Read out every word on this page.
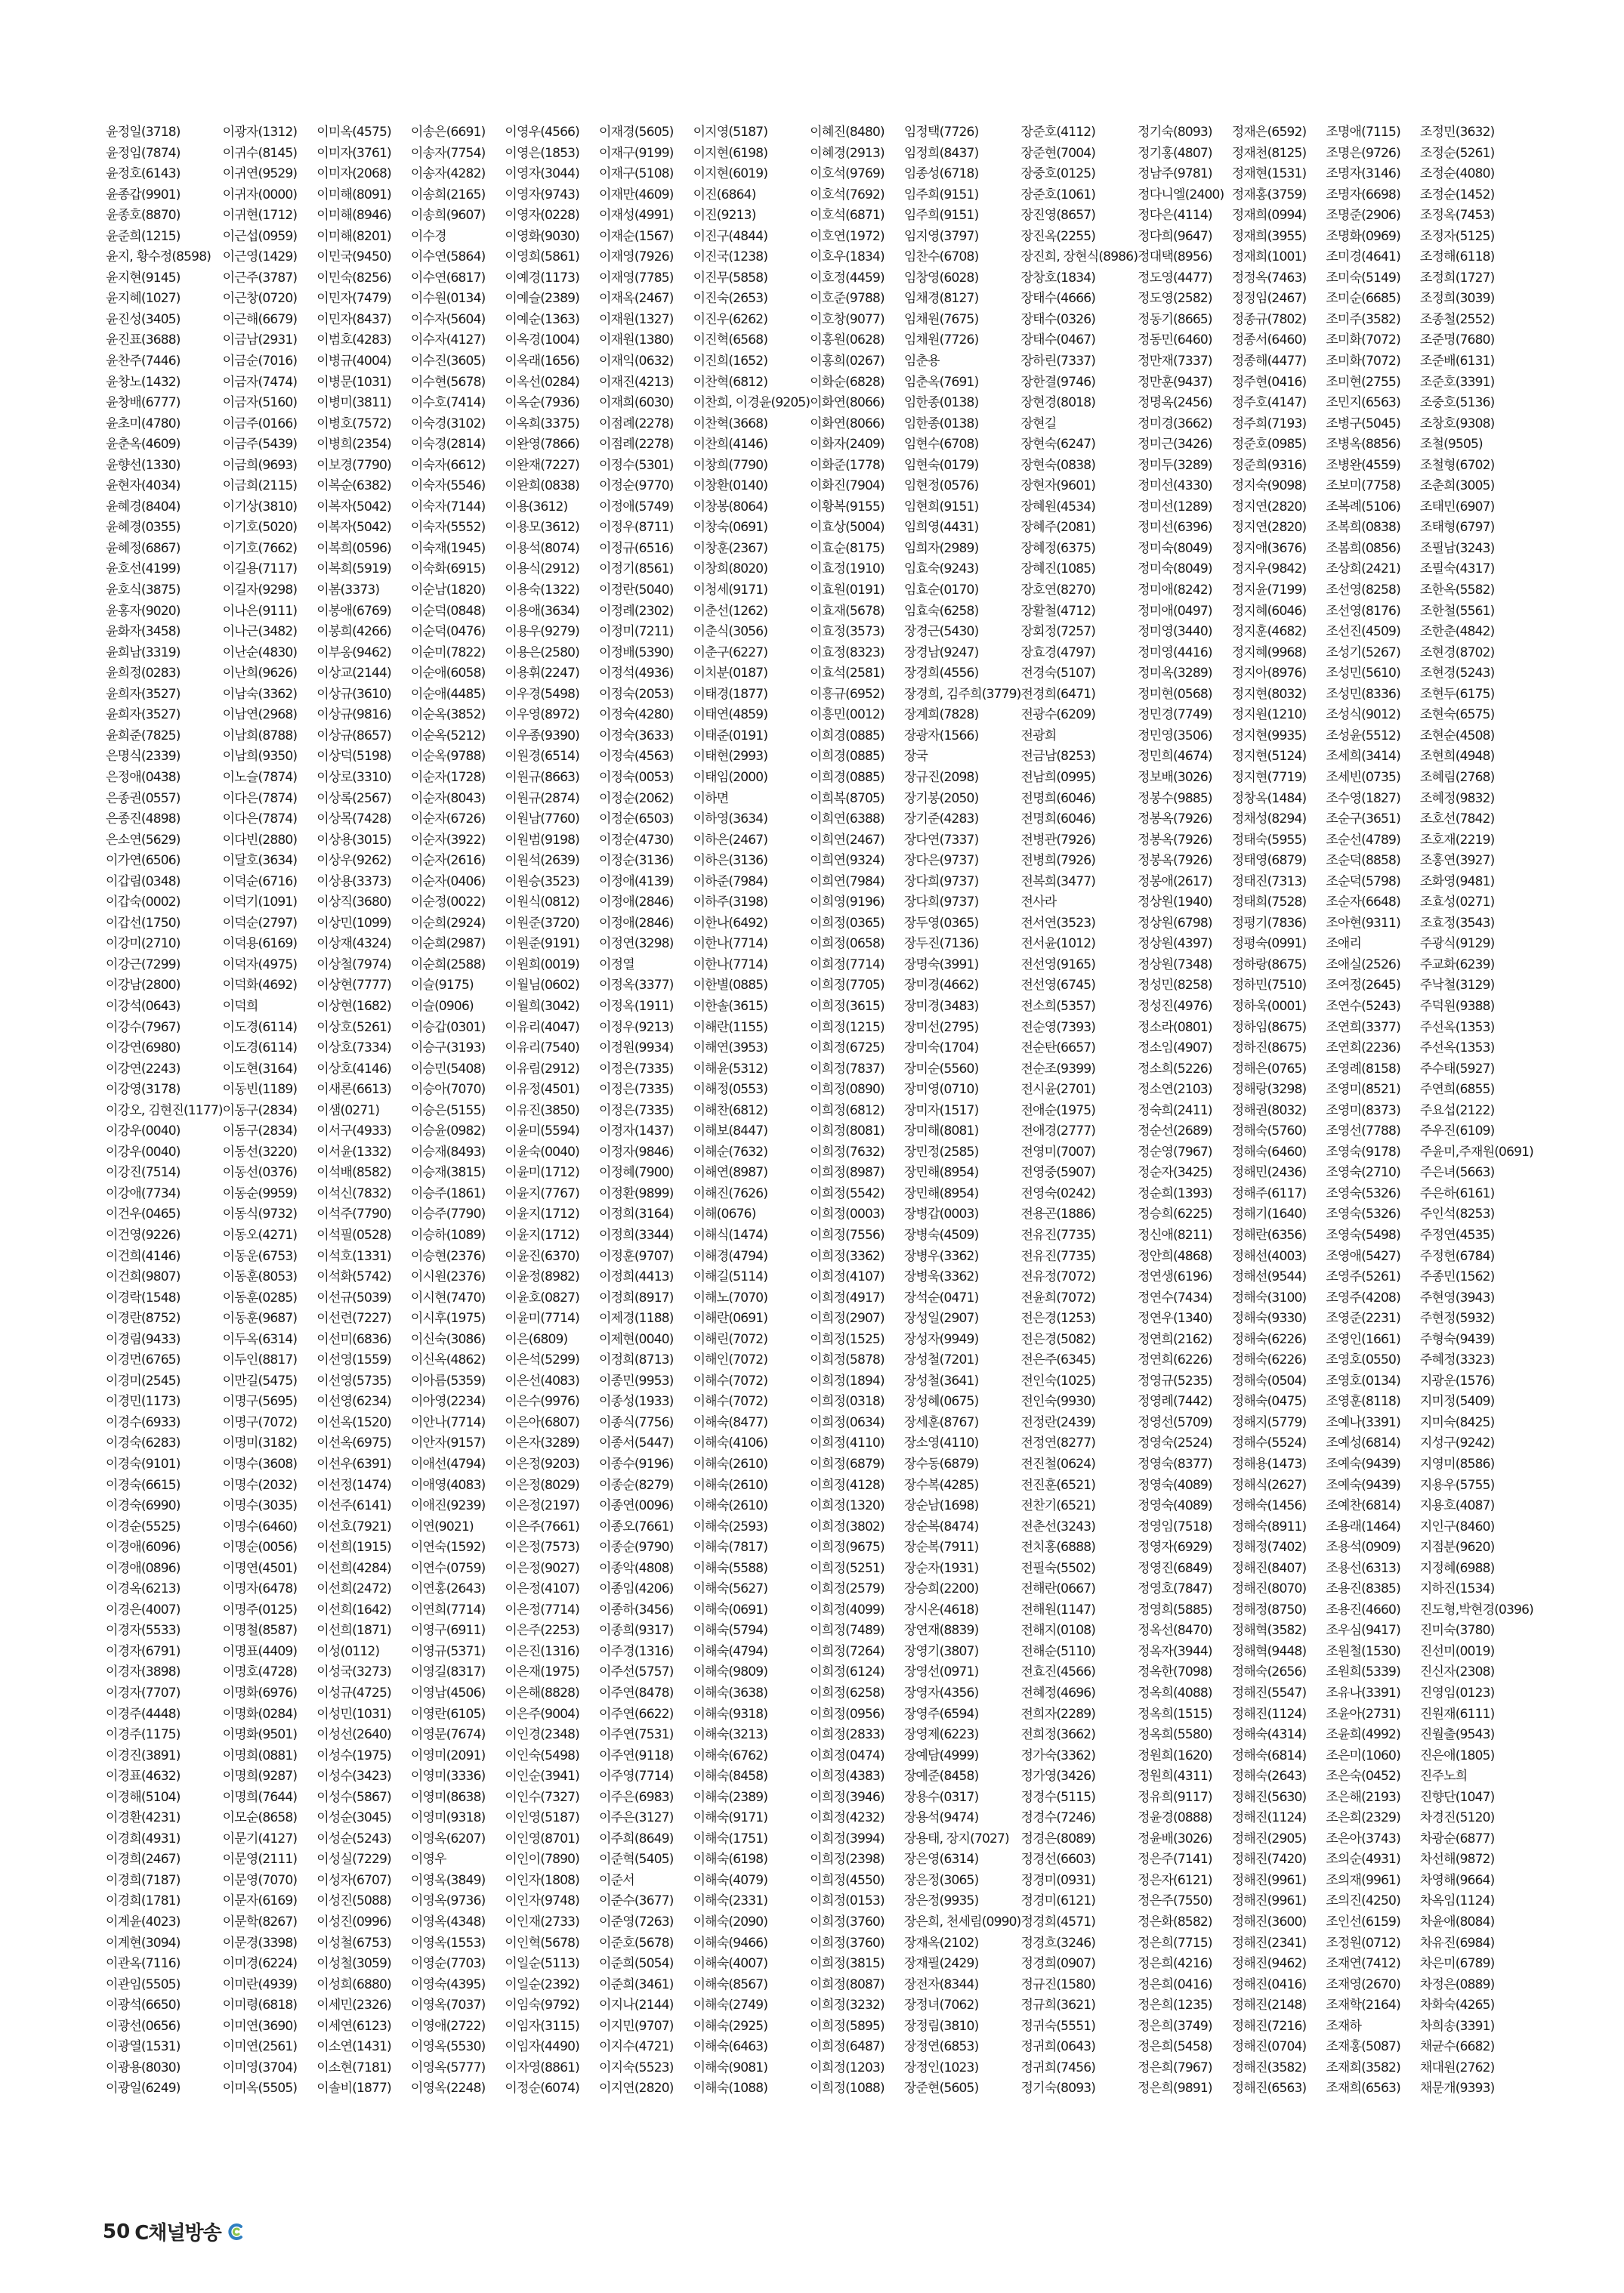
윤정일(3718)
윤정임(7874)
윤정호(6143)
윤종갑(9901)
윤종호(8870)
윤준희(1215)
윤지, 황수정(8598)
윤지현(9145)
윤지혜(1027)
윤진성(3405)
윤진표(3688)
윤찬주(7446)
윤창노(1432)
윤창배(6777)
윤초미(4780)
윤춘옥(4609)
윤향선(1330)
윤현자(4034)
윤혜경(8404)
윤혜경(0355)
윤혜정(6867)
윤호선(4199)
윤호식(3875)
윤홍자(9020)
윤화자(3458)
윤희남(3319)
윤희정(0283)
윤희자(3527)
윤희자(3527)
윤희준(7825)
은명식(2339)
은정애(0438)
은종권(0557)
은종진(4898)
은소연(5629)
이가연(6506)
이갑림(0348)
이갑숙(0002)
이갑선(1750)
이강미(2710)
이강근(7299)
이강남(2800)
이강석(0643)
이강수(7967)
이강연(6980)
이강연(2243)
이강영(3178)
이강오, 김현진(1177)
이강우(0040)
이강우(0040)
이강진(7514)
이강애(7734)
이건우(0465)
이건영(9226)
이건희(4146)
이건희(9807)
이경락(1548)
이경란(8752)
이경림(9433)
이경먼(6765)
이경미(2545)
이경민(1173)
이경수(6933)
이경숙(6283)
이경숙(9101)
이경숙(6615)
이경숙(6990)
이경순(5525)
이경애(6096)
이경애(0896)
이경옥(6213)
이경은(4007)
이경자(5533)
이경자(6791)
이경자(3898)
이경자(7707)
이경주(4448)
이경주(1175)
이경진(3891)
이경표(4632)
이경해(5104)
이경환(4231)
이경희(4931)
이경희(2467)
이경희(7187)
이경희(1781)
이계윤(4023)
이계현(3094)
이관옥(7116)
이관임(5505)
이광석(6650)
이광선(0656)
이광열(1531)
이광용(8030)
이광일(6249)
이광자(1312)
이귀수(8145)
이귀연(9529)
이귀자(0000)
이귀현(1712)
이근섭(0959)
이근영(1429)
이근주(3787)
이근창(0720)
이근해(6679)
이금남(2931)
이금순(7016)
이금자(7474)
이금자(5160)
이금주(0166)
이금주(5439)
이금희(9693)
이금희(2115)
이기상(3810)
이기호(5020)
이기호(7662)
이길용(7117)
이길자(9298)
이나은(9111)
이나근(3482)
이난순(4830)
이난희(9626)
이남숙(3362)
이남연(2968)
이남희(8788)
이남희(9350)
이노슬(7874)
이다은(7874)
이다은(7874)
이다빈(2880)
이달호(3634)
이덕순(6716)
이덕기(1091)
이덕순(2797)
이덕용(6169)
이덕자(4975)
이덕화(4692)
이덕희
이도경(6114)
이도경(6114)
이도현(3164)
이동빈(1189)
이동구(2834)
이동구(2834)
이동선(3220)
이동선(0376)
이동순(9959)
이동식(9732)
이동오(4271)
이동운(6753)
이동훈(8053)
이동훈(0285)
이동훈(9687)
이두옥(6314)
이두인(8817)
이만길(5475)
이명구(5695)
이명구(7072)
이명미(3182)
이명수(3608)
이명수(2032)
이명수(3035)
이명수(6460)
이명순(0056)
이명연(4501)
이명자(6478)
이명주(0125)
이명철(8587)
이명표(4409)
이명호(4728)
이명화(6976)
이명화(0284)
이명화(9501)
이명희(0881)
이명희(9287)
이명희(7644)
이모순(8658)
이문기(4127)
이문영(2111)
이문영(7070)
이문자(6169)
이문학(8267)
이문경(3398)
이미경(6224)
이미란(4939)
이미령(6818)
이미연(3690)
이미연(2561)
이미영(3704)
이미옥(5505)
이미옥(4575)
이미자(3761)
이미자(2068)
이미해(8091)
이미해(8946)
이미해(8201)
이민국(9450)
이민숙(8256)
이민자(7479)
이민자(8437)
이범호(4283)
이병규(4004)
이병문(1031)
이병미(3811)
이병호(7572)
이병희(2354)
이보경(7790)
이복순(6382)
이복자(5042)
이복자(5042)
이복희(0596)
이복희(5919)
이봄(3373)
이봉애(6769)
이봉희(4266)
이부옹(9462)
이상교(2144)
이상규(3610)
이상규(9816)
이상규(8657)
이상덕(5198)
이상로(3310)
이상록(2567)
이상목(7428)
이상용(3015)
이상우(9262)
이상용(3373)
이상직(3680)
이상민(1099)
이상재(4324)
이상철(7974)
이상현(7777)
이상현(1682)
이상호(5261)
이상호(7334)
이상호(4146)
이새론(6613)
이샘(0271)
이서구(4933)
이서윤(1332)
이석배(8582)
이석신(7832)
이석주(7790)
이석필(0528)
이석호(1331)
이석화(5742)
이선규(5039)
이선련(7227)
이선미(6836)
이선영(1559)
이선영(5735)
이선영(6234)
이선옥(1520)
이선옥(6975)
이선우(6391)
이선정(1474)
이선주(6141)
이선호(7921)
이선희(1915)
이선희(4284)
이선희(2472)
이선희(1642)
이선희(1871)
이성(0112)
이성국(3273)
이성규(4725)
이성민(1031)
이성선(2640)
이성수(1975)
이성수(3423)
이성수(5867)
이성순(3045)
이성순(5243)
이성실(7229)
이성자(6707)
이성진(5088)
이성진(0996)
이성철(6753)
이성철(3059)
이성희(6880)
이세민(2326)
이세연(6123)
이소연(1431)
이소현(7181)
이솔비(1877)
이송은(6691)
이송자(7754)
이송자(4282)
이송희(2165)
이송희(9607)
이수경
이수연(5864)
이수연(6817)
이수원(0134)
이수자(5604)
이수자(4127)
이수진(3605)
이수현(5678)
이수호(7414)
이숙경(3102)
이숙경(2814)
이숙자(6612)
이숙자(5546)
이숙자(7144)
이숙자(5552)
이숙재(1945)
이숙화(6915)
이순남(1820)
이순덕(0848)
이순덕(0476)
이순미(7822)
이순애(6058)
이순애(4485)
이순옥(3852)
이순옥(5212)
이순옥(9788)
이순자(1728)
이순자(8043)
이순자(6726)
이순자(3922)
이순자(2616)
이순자(0406)
이순정(0022)
이순희(2924)
이순희(2987)
이순희(2588)
이슬(9175)
이슬(0906)
이승갑(0301)
이승구(3193)
이승민(5408)
이승아(7070)
이승은(5155)
이승윤(0982)
이승재(8493)
이승재(3815)
이승주(1861)
이승주(7790)
이승하(1089)
이승현(2376)
이시원(2376)
이시현(7470)
이시후(1975)
이신숙(3086)
이신옥(4862)
이아름(5359)
이아영(2234)
이안나(7714)
이안자(9157)
이애선(4794)
이애영(4083)
이애진(9239)
이연(9021)
이연숙(1592)
이연수(0759)
이연홍(2643)
이연희(7714)
이영구(6911)
이영규(5371)
이영길(8317)
이영남(4506)
이영란(6105)
이영문(7674)
이영미(2091)
이영미(3336)
이영미(8638)
이영미(9318)
이영옥(6207)
이영우
이영옥(3849)
이영옥(9736)
이영옥(4348)
이영옥(1553)
이영순(7703)
이영숙(4395)
이영옥(7037)
이영애(2722)
이영옥(5530)
이영옥(5777)
이영옥(2248)
이영우(4566)
이영은(1853)
이영자(3044)
이영자(9743)
이영자(0228)
이영화(9030)
이영희(5861)
이예경(1173)
이예슬(2389)
이예순(1363)
이옥경(1004)
이옥래(1656)
이옥선(0284)
이옥순(7936)
이옥희(3375)
이완영(7866)
이완재(7227)
이완희(0838)
이용(3612)
이용모(3612)
이용석(8074)
이용식(2912)
이용숙(1322)
이용애(3634)
이용우(9279)
이용은(2580)
이용휘(2247)
이우경(5498)
이우영(8972)
이우종(9390)
이원경(6514)
이원규(8663)
이원규(2874)
이원남(7760)
이원범(9198)
이원석(2639)
이원승(3523)
이원식(0812)
이원준(3720)
이원준(9191)
이원희(0019)
이월님(0602)
이월희(3042)
이유리(4047)
이유리(7540)
이유림(2912)
이유정(4501)
이유진(3850)
이윤미(5594)
이윤숙(0040)
이윤미(1712)
이윤지(7767)
이윤지(1712)
이윤지(1712)
이윤진(6370)
이윤정(8982)
이윤호(0827)
이윤미(7714)
이은(6809)
이은석(5299)
이은선(4083)
이은수(9976)
이은아(6807)
이은자(3289)
이은정(9203)
이은정(8029)
이은정(2197)
이은주(7661)
이은정(7573)
이은정(9027)
이은정(4107)
이은정(7714)
이은주(2253)
이은진(1316)
이은재(1975)
이은해(8828)
이은주(9004)
이인경(2348)
이인숙(5498)
이인순(3941)
이인수(7327)
이인영(5187)
이인영(8701)
이인이(7890)
이인자(1808)
이인자(9748)
이인재(2733)
이인혁(5678)
이일순(5113)
이일순(2392)
이임숙(9792)
이임자(3115)
이임자(4490)
이자영(8861)
이정순(6074)
이재경(5605)
이재구(9199)
이재구(5108)
이재만(4609)
이재성(4991)
이재순(1567)
이재영(7926)
이재영(7785)
이재옥(2467)
이재원(1327)
이재원(1380)
이재익(0632)
이재진(4213)
이재희(6030)
이점례(2278)
이점례(2278)
이정수(5301)
이정순(9770)
이정애(5749)
이정우(8711)
이정규(6516)
이정기(8561)
이정란(5040)
이정례(2302)
이정미(7211)
이정배(5390)
이정석(4936)
이정숙(2053)
이정숙(4280)
이정숙(3633)
이정숙(4563)
이정숙(0053)
이정순(2062)
이정순(6503)
이정순(4730)
이정순(3136)
이정애(4139)
이정애(2846)
이정애(2846)
이정연(3298)
이정열
이정옥(3377)
이정옥(1911)
이정우(9213)
이정원(9934)
이정은(7335)
이정은(7335)
이정은(7335)
이정자(1437)
이정자(9846)
이정혜(7900)
이정환(9899)
이정희(3164)
이정희(3344)
이정훈(9707)
이정희(4413)
이정희(8917)
이제경(1188)
이제현(0040)
이정희(8713)
이종민(9953)
이종성(1933)
이종식(7756)
이종서(5447)
이종수(9196)
이종순(8279)
이종연(0096)
이종오(7661)
이종순(9790)
이종악(4808)
이종임(4206)
이종하(3456)
이종희(9317)
이주경(1316)
이주선(5757)
이주연(8478)
이주연(6622)
이주연(7531)
이주연(9118)
이주영(7714)
이주은(6983)
이주은(3127)
이주희(8649)
이준혁(5405)
이준서
이준수(3677)
이준영(7263)
이준호(5678)
이준희(5054)
이준희(3461)
이지나(2144)
이지민(9707)
이지수(4721)
이지숙(5523)
이지연(2820)
이지영(5187)
이지현(6198)
이지현(6019)
이진(6864)
이진(9213)
이진구(4844)
이진국(1238)
이진무(5858)
이진숙(2653)
이진우(6262)
이진혁(6568)
이진희(1652)
이찬혁(6812)
이찬희, 이경윤(9205)
이찬혁(3668)
이찬희(4146)
이창희(7790)
이창환(0140)
이창봉(8064)
이창숙(0691)
이창훈(2367)
이창희(8020)
이청세(9171)
이춘선(1262)
이춘식(3056)
이춘구(6227)
이치분(0187)
이태경(1877)
이태연(4859)
이태준(0191)
이태현(2993)
이태임(2000)
이하면
이하영(3634)
이하은(2467)
이하은(3136)
이하준(7984)
이하주(3198)
이한나(6492)
이한나(7714)
이한나(7714)
이한별(0885)
이한솔(3615)
이해란(1155)
이해연(3953)
이해윤(5312)
이해정(0553)
이해찬(6812)
이해보(8447)
이해순(7632)
이해연(8987)
이해진(7626)
이해(0676)
이해식(1474)
이해경(4794)
이해길(5114)
이해노(7070)
이해란(0691)
이해린(7072)
이해인(7072)
이해수(7072)
이해수(7072)
이해숙(8477)
이해숙(4106)
이해숙(2610)
이해숙(2610)
이해숙(2610)
이해숙(2593)
이해숙(7817)
이해숙(5588)
이해숙(5627)
이해숙(0691)
이해숙(5794)
이해숙(4794)
이해숙(9809)
이해숙(3638)
이해숙(9318)
이해숙(3213)
이해숙(6762)
이해숙(8458)
이해숙(2389)
이해숙(9171)
이해숙(1751)
이해숙(6198)
이해숙(4079)
이해숙(2331)
이해숙(2090)
이해숙(9466)
이해숙(4007)
이해숙(8567)
이해숙(2749)
이해숙(2925)
이해숙(6463)
이해숙(9081)
이해숙(1088)
이혜진(8480)
이혜경(2913)
이호석(9769)
이호석(7692)
이호석(6871)
이호연(1972)
이호우(1834)
이호정(4459)
이호준(9788)
이호창(9077)
이홍원(0628)
이홍희(0267)
이화순(6828)
이화연(8066)
이화연(8066)
이화자(2409)
이화준(1778)
이화진(7904)
이황복(9155)
이효상(5004)
이효순(8175)
이효정(1910)
이효원(0191)
이효재(5678)
이효정(3573)
이효정(8323)
이효석(2581)
이흥규(6952)
이흥민(0012)
이희경(0885)
이희경(0885)
이희경(0885)
이희복(8705)
이희연(6388)
이희연(2467)
이희연(9324)
이희연(7984)
이희영(9196)
이희정(0365)
이희정(0658)
이희정(7714)
이희정(7705)
이희정(3615)
이희정(1215)
이희정(6725)
이희정(7837)
이희정(0890)
이희정(6812)
이희정(8081)
이희정(7632)
이희정(8987)
이희정(5542)
이희정(0003)
이희정(7556)
이희정(3362)
이희정(4107)
이희정(4917)
이희정(2907)
이희정(1525)
이희정(5878)
이희정(1894)
이희정(0318)
이희정(0634)
이희정(4110)
이희정(6879)
이희정(4128)
이희정(1320)
이희정(3802)
이희정(9675)
이희정(5251)
이희정(2579)
이희정(4099)
이희정(7489)
이희정(7264)
이희정(6124)
이희정(6258)
이희정(0956)
이희정(2833)
이희정(0474)
이희정(4383)
이희정(3946)
이희정(4232)
이희정(3994)
이희정(2398)
이희정(4550)
이희정(0153)
이희정(3760)
이희정(3760)
이희정(3815)
이희정(8087)
이희정(3232)
이희정(5895)
이희정(6487)
이희정(1203)
이희정(1088)
임정택(7726)
임정희(8437)
임종성(6718)
임주희(9151)
임주희(9151)
임지영(3797)
임찬수(6708)
임창영(6028)
임채경(8127)
임채원(7675)
임채원(7726)
임춘용
임춘옥(7691)
임한종(0138)
임한종(0138)
임현수(6708)
임현숙(0179)
임현정(0576)
임현희(9151)
임희영(4431)
임희자(2989)
임효숙(9243)
임효순(0170)
임효숙(6258)
장경근(5430)
장경남(9247)
장경희(4556)
장경희, 김주희(3779)
장계희(7828)
장광자(1566)
장국
장규진(2098)
장기봉(2050)
장기준(4283)
장다연(7337)
장다은(9737)
장다희(9737)
장다희(9737)
장두영(0365)
장두진(7136)
장명숙(3991)
장미경(4662)
장미경(3483)
장미선(2795)
장미숙(1704)
장미순(5560)
장미영(0710)
장미자(1517)
장미해(8081)
장민정(2585)
장민해(8954)
장민해(8954)
장병갑(0003)
장병숙(4509)
장병우(3362)
장병욱(3362)
장석순(0471)
장성일(2907)
장성자(9949)
장성철(7201)
장성철(3641)
장성혜(0675)
장세훈(8767)
장소영(4110)
장수동(6879)
장수복(4285)
장순남(1698)
장순복(8474)
장순복(7911)
장순자(1931)
장승희(2200)
장시온(4618)
장연재(8839)
장영기(3807)
장영선(0971)
장영자(4356)
장영주(6594)
장영제(6223)
장예담(4999)
장예준(8458)
장용수(0317)
장용석(9474)
장용태, 장지(7027)
장은영(6314)
장은정(3065)
장은정(9935)
장은희, 천세림(0990)
장재옥(2102)
장재필(2429)
장전자(8344)
장정녀(7062)
장정림(3810)
장정연(6853)
장정인(1023)
장준현(5605)
장준호(4112)
장준현(7004)
장중호(0125)
장준호(1061)
장진영(8657)
장진옥(2255)
장진희, 장현식(8986)
장창호(1834)
장태수(4666)
장태수(0326)
장태수(0467)
장하린(7337)
장한결(9746)
장현경(8018)
장현길
장현숙(6247)
장현숙(0838)
장현자(9601)
장혜원(4534)
장혜주(2081)
장혜정(6375)
장혜진(1085)
장호연(8270)
장활철(4712)
장회정(7257)
장효경(4797)
전경숙(5107)
전경희(6471)
전광수(6209)
전광희
전금남(8253)
전남희(0995)
전명희(6046)
전명희(6046)
전병관(7926)
전병희(7926)
전복희(3477)
전사라
전서연(3523)
전서윤(1012)
전선영(9165)
전선영(6745)
전소희(5357)
전순영(7393)
전순탄(6657)
전순조(9399)
전시윤(2701)
전애순(1975)
전애경(2777)
전영미(7007)
전영중(5907)
전영숙(0242)
전용곤(1886)
전유진(7735)
전유진(7735)
전유정(7072)
전윤희(7072)
전은경(1253)
전은경(5082)
전은주(6345)
전인숙(1025)
전인숙(9930)
전정란(2439)
전정연(8277)
전진철(0624)
전진훈(6521)
전찬기(6521)
전춘선(3243)
전치홍(6888)
전필숙(5502)
전해란(0667)
전해원(1147)
전해지(0108)
전해순(5110)
전효진(4566)
전혜정(4696)
전희자(2289)
전희정(3662)
정가숙(3362)
정가영(3426)
정경수(5115)
정경수(7246)
정경은(8089)
정경선(6603)
정경미(0931)
정경미(6121)
정경희(4571)
정경흐(3246)
정경희(0907)
정규진(1580)
정규희(3621)
정귀숙(5551)
정귀희(0643)
정귀희(7456)
정기숙(8093)
정기숙(8093)
정기홍(4807)
정남주(9781)
정다니엘(2400)
정다은(4114)
정다희(9647)
정대택(8956)
정도영(4477)
정도영(2582)
정동기(8665)
정동민(6460)
정만재(7337)
정만훈(9437)
정명옥(2456)
정미경(3662)
정미근(3426)
정미두(3289)
정미선(4330)
정미선(1289)
정미선(6396)
정미숙(8049)
정미숙(8049)
정미애(8242)
정미애(0497)
정미영(3440)
정미영(4416)
정미옥(3289)
정미현(0568)
정민경(7749)
정민영(3506)
정민희(4674)
정보배(3026)
정봉수(9885)
정봉옥(7926)
정봉옥(7926)
정봉옥(7926)
정봉애(2617)
정상원(1940)
정상원(6798)
정상원(4397)
정상원(7348)
정성민(8258)
정성진(4976)
정소라(0801)
정소임(4907)
정소희(5226)
정소연(2103)
정숙희(2411)
정순선(2689)
정순영(7967)
정순자(3425)
정순희(1393)
정승희(6225)
정신애(8211)
정안희(4868)
정연생(6196)
정연수(7434)
정연우(1340)
정연희(2162)
정연희(6226)
정영규(5235)
정영례(7442)
정영선(5709)
정영숙(2524)
정영숙(8377)
정영숙(4089)
정영숙(4089)
정영임(7518)
정영자(6929)
정영진(6849)
정영호(7847)
정영희(5885)
정옥선(8470)
정옥자(3944)
정옥한(7098)
정옥희(4088)
정옥희(1515)
정옥희(5580)
정원희(1620)
정원희(4311)
정유희(9117)
정윤경(0888)
정윤배(3026)
정은주(7141)
정은자(6121)
정은주(7550)
정은화(8582)
정은희(7715)
정은희(4216)
정은희(0416)
정은희(1235)
정은희(3749)
정은희(5458)
정은희(7967)
정은희(9891)
정재은(6592)
정재천(8125)
정재현(1531)
정재홍(3759)
정재희(0994)
정재희(3955)
정재희(1001)
정정옥(7463)
정정임(2467)
정종규(7802)
정종서(6460)
정종해(4477)
정주현(0416)
정주호(4147)
정주희(7193)
정준호(0985)
정준희(9316)
정지숙(9098)
정지연(2820)
정지연(2820)
정지애(3676)
정지우(9842)
정지윤(7199)
정지혜(6046)
정지훈(4682)
정지혜(9968)
정지아(8976)
정지현(8032)
정지원(1210)
정지현(9935)
정지현(5124)
정지현(7719)
정창옥(1484)
정채성(8294)
정태숙(5955)
정태영(6879)
정태진(7313)
정태희(7528)
정평기(7836)
정평숙(0991)
정하랑(8675)
정하민(7510)
정하욱(0001)
정하임(8675)
정하진(8675)
정해은(0765)
정해랑(3298)
정해권(8032)
정해숙(5760)
정해숙(6460)
정해민(2436)
정해주(6117)
정해기(1640)
정해란(6356)
정해선(4003)
정해선(9544)
정해숙(3100)
정해숙(9330)
정해숙(6226)
정해숙(6226)
정해숙(0504)
정해숙(0475)
정해지(5779)
정해수(5524)
정해용(1473)
정해식(2627)
정해숙(1456)
정해숙(8911)
정해정(7402)
정해진(8407)
정해진(8070)
정해정(8750)
정해혁(3582)
정해혁(9448)
정해숙(2656)
정해진(5547)
정해진(1124)
정해숙(4314)
정해숙(6814)
정해숙(2643)
정해진(5630)
정해진(1124)
정해진(2905)
정해진(7420)
정해진(9961)
정해진(9961)
정해진(3600)
정해진(2341)
정해진(9462)
정해진(0416)
정해진(2148)
정해진(7216)
정해진(0704)
정해진(3582)
정해진(6563)
조명애(7115)
조명은(9726)
조명자(3146)
조명자(6698)
조명준(2906)
조명화(0969)
조미경(4641)
조미숙(5149)
조미순(6685)
조미주(3582)
조미화(7072)
조미화(7072)
조미현(2755)
조민지(6563)
조병구(5045)
조병옥(8856)
조병완(4559)
조보미(7758)
조복례(5106)
조복희(0838)
조봄희(0856)
조상희(2421)
조선영(8258)
조선영(8176)
조선진(4509)
조성기(5267)
조성민(5610)
조성민(8336)
조성식(9012)
조성윤(5512)
조세희(3414)
조세빈(0735)
조수영(1827)
조순구(3651)
조순선(4789)
조순덕(8858)
조순덕(5798)
조순자(6648)
조아현(9311)
조애리
조애실(2526)
조여정(2645)
조연수(5243)
조연희(3377)
조연희(2236)
조영례(8158)
조영미(8521)
조영미(8373)
조영선(7788)
조영숙(9178)
조영숙(2710)
조영숙(5326)
조영숙(5326)
조영숙(5498)
조영애(5427)
조영주(5261)
조영주(4208)
조영준(2231)
조영인(1661)
조영호(0550)
조영호(0134)
조영훈(8118)
조예나(3391)
조예성(6814)
조예숙(9439)
조예숙(9439)
조예찬(6814)
조용래(1464)
조용석(0909)
조용선(6313)
조용진(8385)
조용진(4660)
조우심(9417)
조원철(1530)
조원희(5339)
조유나(3391)
조윤아(2731)
조윤희(4992)
조은미(1060)
조은숙(0452)
조은해(2193)
조은희(2329)
조은아(3743)
조의순(4931)
조의재(9961)
조의진(4250)
조인선(6159)
조정원(0712)
조재연(7412)
조재영(2670)
조재학(2164)
조재하
조재홍(5087)
조재희(3582)
조재희(6563)
조정민(3632)
조정순(5261)
조정순(4080)
조정순(1452)
조정옥(7453)
조정자(5125)
조정해(6118)
조정희(1727)
조정희(3039)
조종철(2552)
조준명(7680)
조준배(6131)
조준호(3391)
조중호(5136)
조창호(9308)
조철(9505)
조철형(6702)
조춘희(3005)
조태민(6907)
조태형(6797)
조필남(3243)
조필숙(4317)
조한옥(5582)
조한철(5561)
조한춘(4842)
조현경(8702)
조현경(5243)
조현두(6175)
조현숙(6575)
조현순(4508)
조현희(4948)
조혜림(2768)
조혜정(9832)
조호선(7842)
조호재(2219)
조홍연(3927)
조화영(9481)
조효성(0271)
조효정(3543)
주광식(9129)
주교화(6239)
주낙철(3129)
주덕원(9388)
주선옥(1353)
주선옥(1353)
주수태(5927)
주연희(6855)
주요섭(2122)
주우진(6109)
주윤미,주재원(0691)
주은녀(5663)
주은하(6161)
주인석(8253)
주정연(4535)
주정헌(6784)
주종민(1562)
주현영(3943)
주현정(5932)
주형숙(9439)
주혜정(3323)
지광운(1576)
지미정(5409)
지미숙(8425)
지성구(9242)
지영미(8586)
지용우(5755)
지용호(4087)
지인구(8460)
지점분(9620)
지정혜(6988)
지하진(1534)
진도형,박현경(0396)
진미숙(3780)
진선미(0019)
진신자(2308)
진영임(0123)
진원재(6111)
진월출(9543)
진은애(1805)
진주노희
진향단(1047)
차경진(5120)
차광순(6877)
차선해(9872)
차영해(9664)
차옥임(1124)
차윤애(8084)
차유진(6984)
차은미(6789)
차정은(0889)
차화숙(4265)
차희송(3391)
채균수(6682)
채대원(2762)
채문개(9393)
50 C채널방송
